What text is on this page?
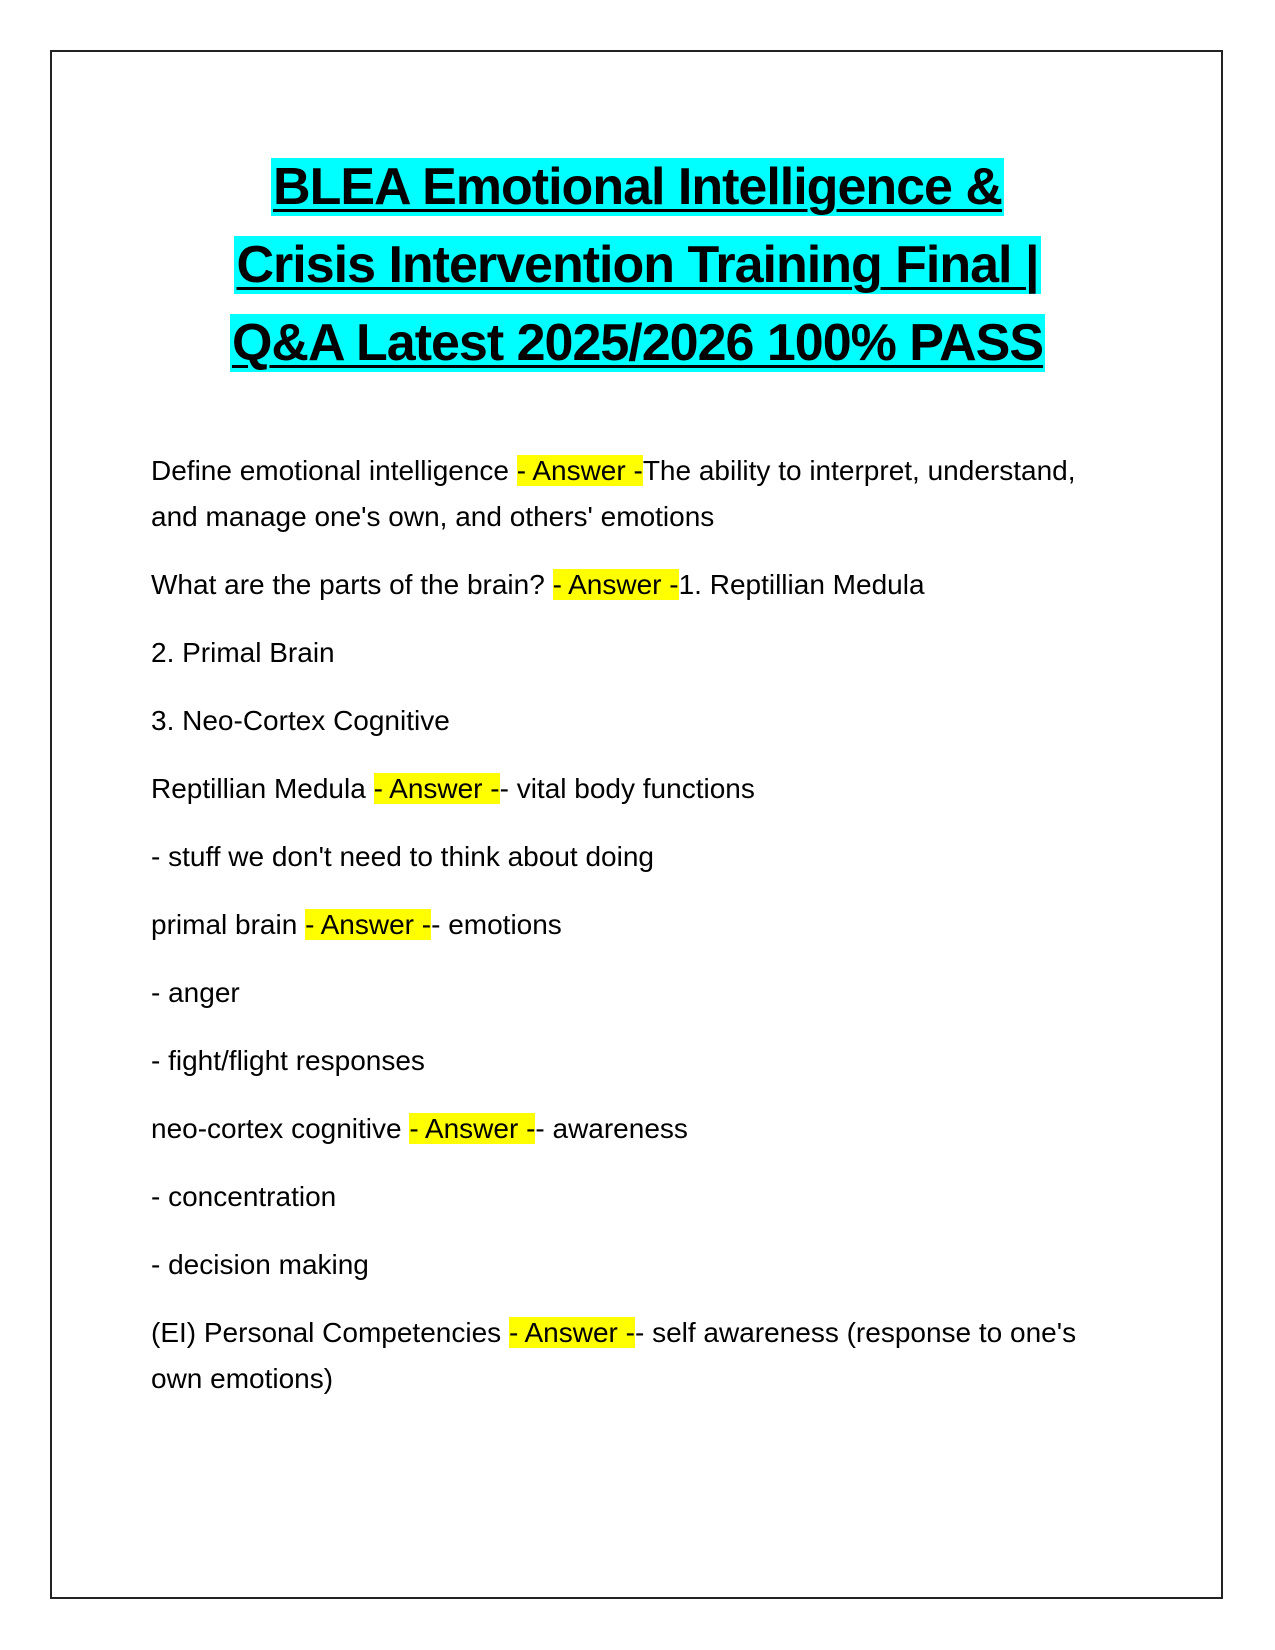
BLEA Emotional Intelligence &
Crisis Intervention Training Final |
Q&A Latest 2025/2026 100% PASS

Define emotional intelligence - Answer -The ability to interpret, understand, and manage one's own, and others' emotions

What are the parts of the brain? - Answer -1. Reptillian Medula

2. Primal Brain

3. Neo-Cortex Cognitive

Reptillian Medula - Answer -- vital body functions

- stuff we don't need to think about doing

primal brain - Answer -- emotions

- anger

- fight/flight responses

neo-cortex cognitive - Answer -- awareness

- concentration

- decision making

(EI) Personal Competencies - Answer -- self awareness (response to one's own emotions)
